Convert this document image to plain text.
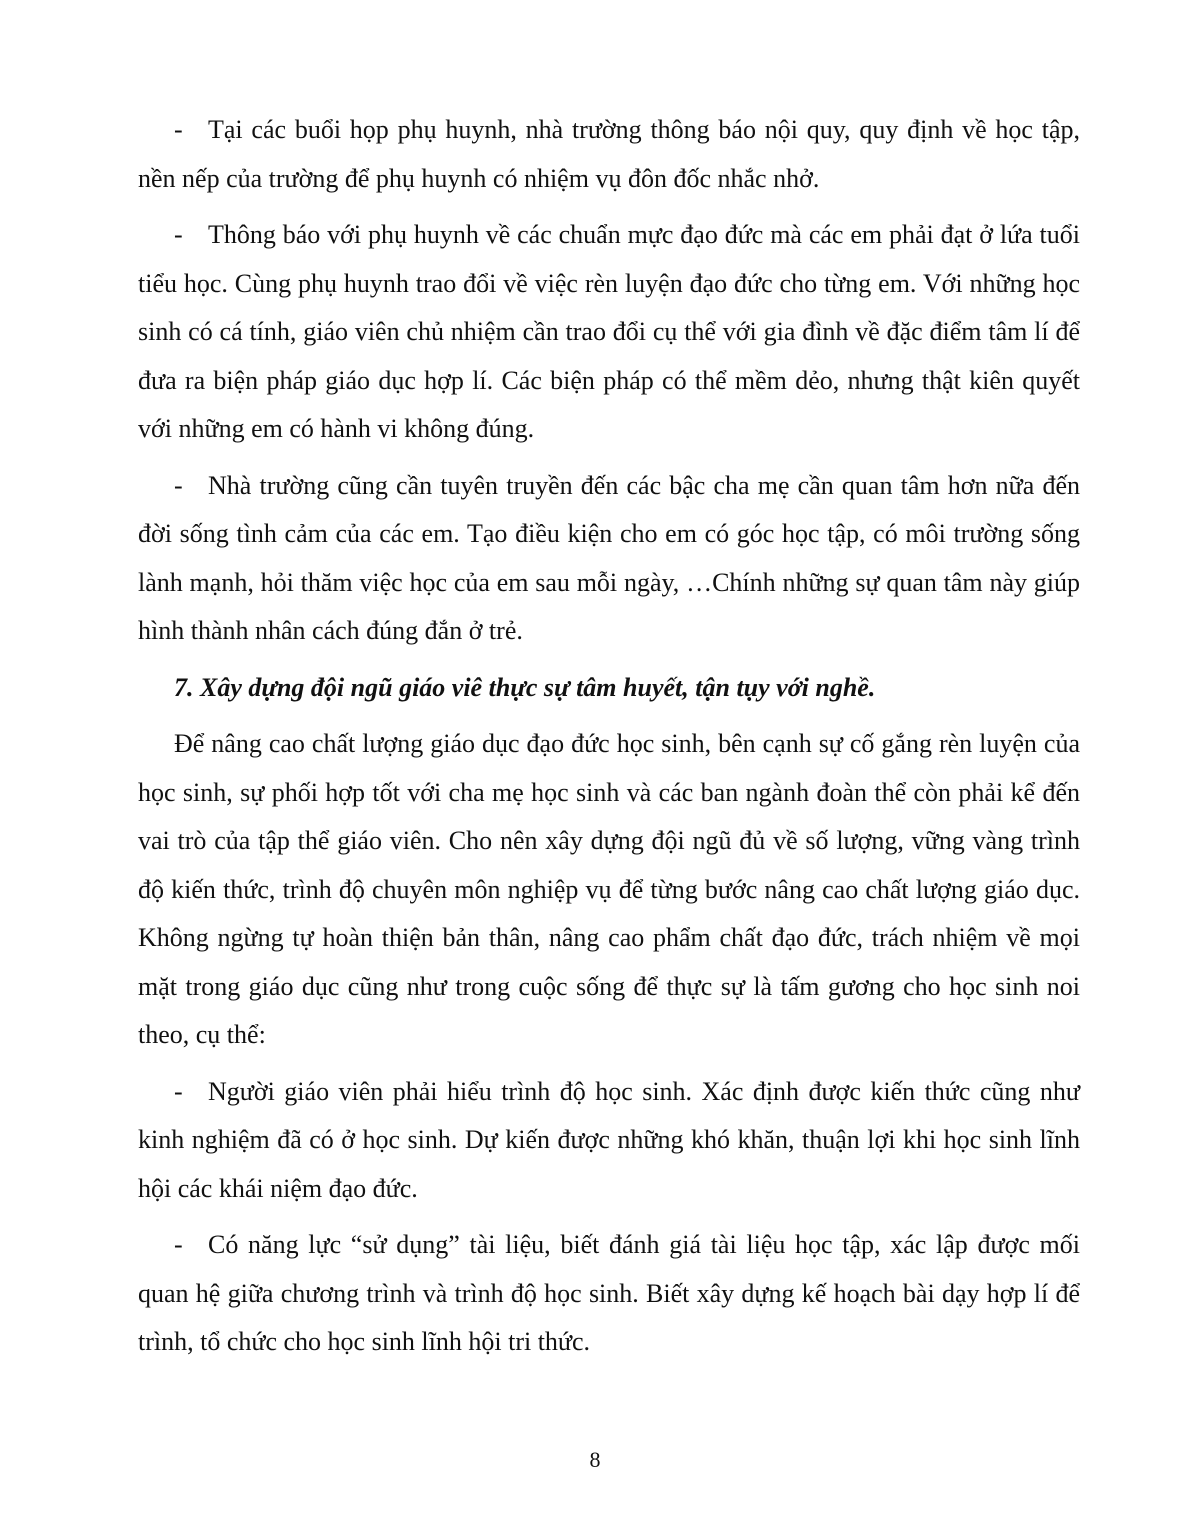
- Tại các buổi họp phụ huynh, nhà trường thông báo nội quy, quy định về học tập, nền nếp của trường để phụ huynh có nhiệm vụ đôn đốc nhắc nhở.

- Thông báo với phụ huynh về các chuẩn mực đạo đức mà các em phải đạt ở lứa tuổi tiểu học. Cùng phụ huynh trao đổi về việc rèn luyện đạo đức cho từng em. Với những học sinh có cá tính, giáo viên chủ nhiệm cần trao đổi cụ thể với gia đình về đặc điểm tâm lí để đưa ra biện pháp giáo dục hợp lí. Các biện pháp có thể mềm dẻo, nhưng thật kiên quyết với những em có hành vi không đúng.

- Nhà trường cũng cần tuyên truyền đến các bậc cha mẹ cần quan tâm hơn nữa đến đời sống tình cảm của các em. Tạo điều kiện cho em có góc học tập, có môi trường sống lành mạnh, hỏi thăm việc học của em sau mỗi ngày, …Chính những sự quan tâm này giúp hình thành nhân cách đúng đắn ở trẻ.

7. Xây dựng đội ngũ giáo viê thực sự tâm huyết, tận tụy với nghề.

Để nâng cao chất lượng giáo dục đạo đức học sinh, bên cạnh sự cố gắng rèn luyện của học sinh, sự phối hợp tốt với cha mẹ học sinh và các ban ngành đoàn thể còn phải kể đến vai trò của tập thể giáo viên. Cho nên xây dựng đội ngũ đủ về số lượng, vững vàng trình độ kiến thức, trình độ chuyên môn nghiệp vụ để từng bước nâng cao chất lượng giáo dục. Không ngừng tự hoàn thiện bản thân, nâng cao phẩm chất đạo đức, trách nhiệm về mọi mặt trong giáo dục cũng như trong cuộc sống để thực sự là tấm gương cho học sinh noi theo, cụ thể:

- Người giáo viên phải hiểu trình độ học sinh. Xác định được kiến thức cũng như kinh nghiệm đã có ở học sinh. Dự kiến được những khó khăn, thuận lợi khi học sinh lĩnh hội các khái niệm đạo đức.

- Có năng lực “sử dụng” tài liệu, biết đánh giá tài liệu học tập, xác lập được mối quan hệ giữa chương trình và trình độ học sinh. Biết xây dựng kế hoạch bài dạy hợp lí để trình, tổ chức cho học sinh lĩnh hội tri thức.

8
